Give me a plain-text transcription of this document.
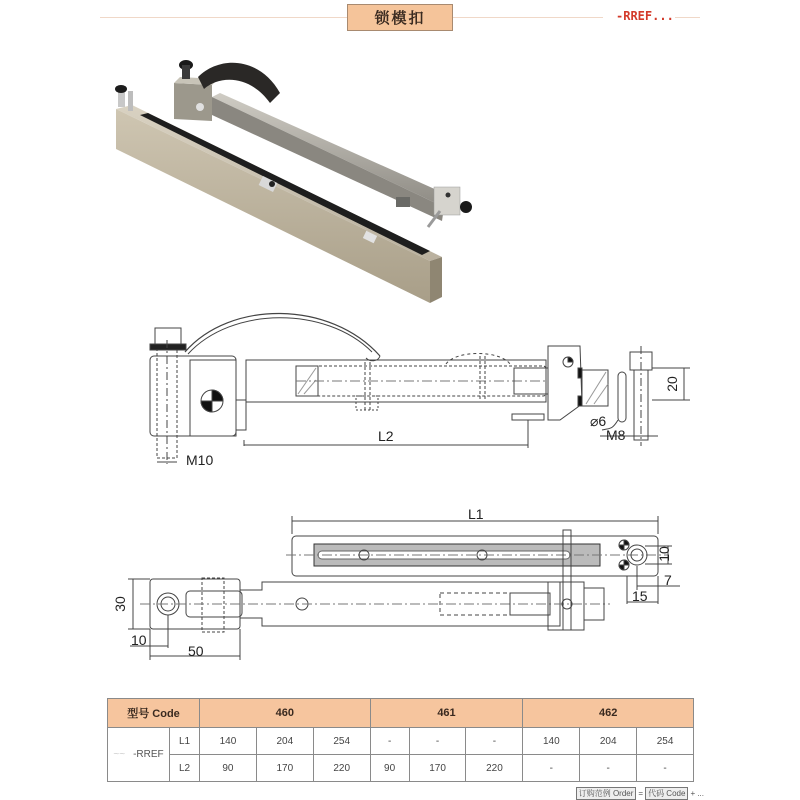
锁模扣	-RREF...
L2
M10
M8
⌀6
20
L1
10
7
15
30
10
50
型号 Code		460			461			462		
~~ -RREF	L1	140	204	254	-	-	-	140	204	254
	L2	90	170	220	90	170	220	-	-	-
订购范例 Order = 代码 Code + ...
